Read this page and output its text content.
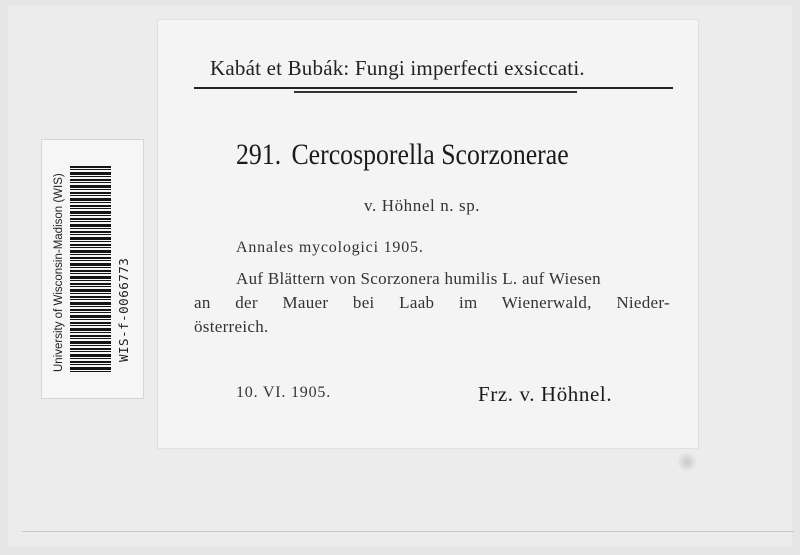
Kabát et Bubák: Fungi imperfecti exsiccati.
291. Cercosporella Scorzonerae
v. Höhnel n. sp.
Annales mycologici 1905.
Auf Blättern von Scorzonera humilis L. auf Wiesen
an der Mauer bei Laab im Wienerwald, Nieder-
österreich.
10. VI. 1905.	Frz. v. Höhnel.
University of Wisconsin-Madison (WIS)	WIS-f-0066773
